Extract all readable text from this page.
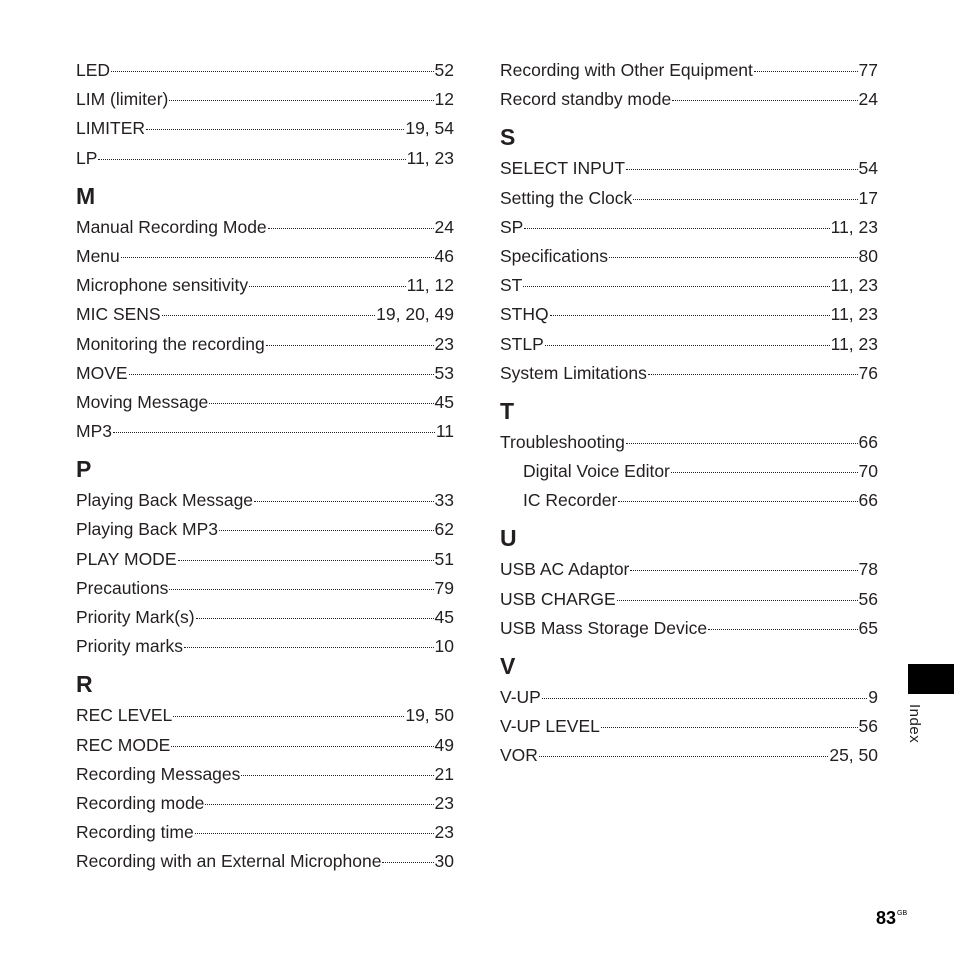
LED	52
LIM (limiter)	12
LIMITER	19, 54
LP	11, 23
M
Manual Recording Mode	24
Menu	46
Microphone sensitivity	11, 12
MIC SENS	19, 20, 49
Monitoring the recording	23
MOVE	53
Moving Message	45
MP3	11
P
Playing Back Message	33
Playing Back MP3	62
PLAY MODE	51
Precautions	79
Priority Mark(s)	45
Priority marks	10
R
REC LEVEL	19, 50
REC MODE	49
Recording Messages	21
Recording mode	23
Recording time	23
Recording with an External Microphone	30
Recording with Other Equipment	77
Record standby mode	24
S
SELECT INPUT	54
Setting the Clock	17
SP	11, 23
Specifications	80
ST	11, 23
STHQ	11, 23
STLP	11, 23
System Limitations	76
T
Troubleshooting	66
Digital Voice Editor	70
IC Recorder	66
U
USB AC Adaptor	78
USB CHARGE	56
USB Mass Storage Device	65
V
V-UP	9
V-UP LEVEL	56
VOR	25, 50
Index
$83^{GB}$
